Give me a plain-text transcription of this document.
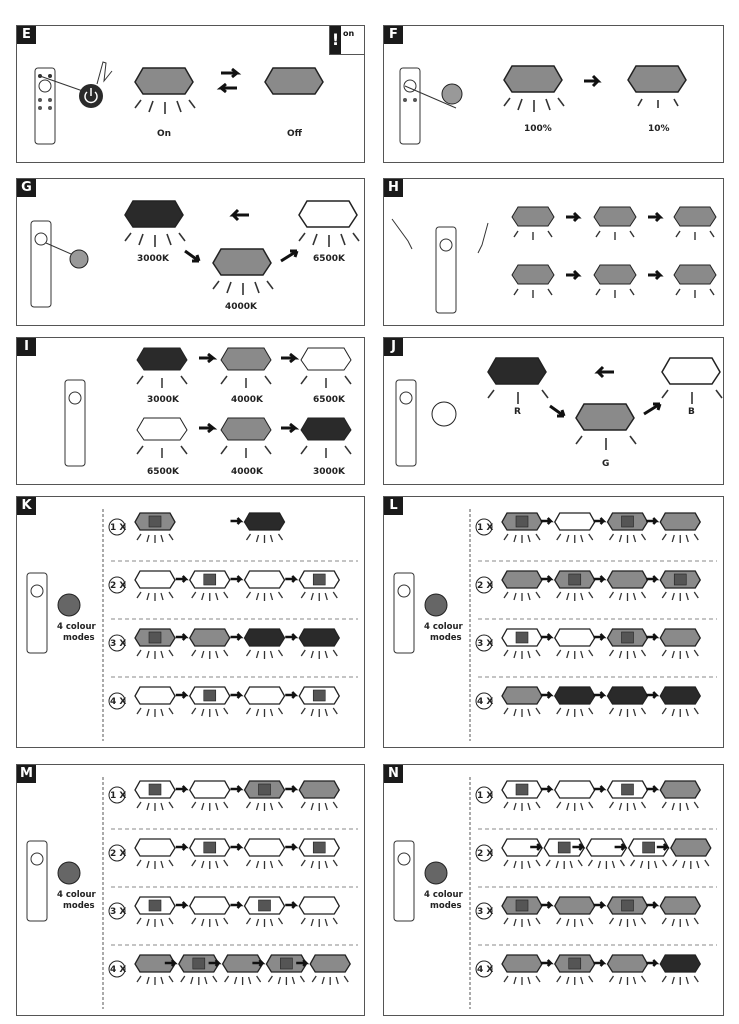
E	! on
On	Off
F
100%	10%
G
3000K
4000K
6500K
H
I
3000K	4000K	6500K
6500K	4000K	3000K
J
R
G
B
K
4 colour
modes
1 X
2 X
3 X
4 X
L
4 colour
modes
1 X
2 X
3 X
4 X
M
4 colour
modes
1 X
2 X
3 X
4 X
N
4 colour
modes
1 X
2 X
3 X
4 X
